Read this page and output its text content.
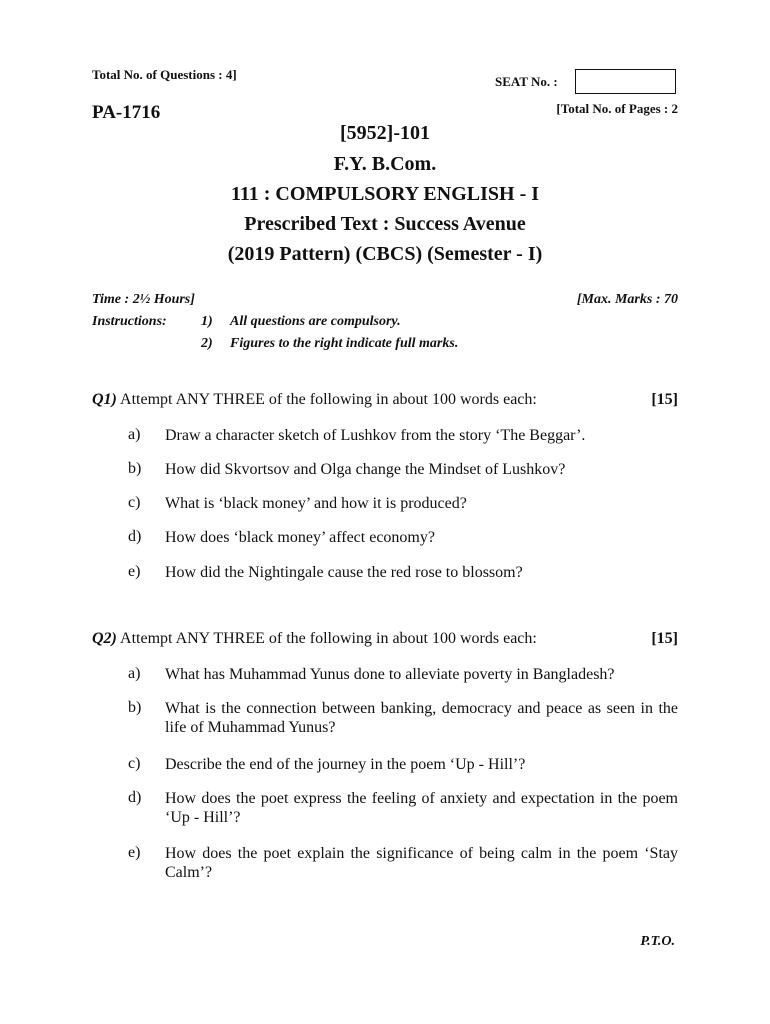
Total No. of Questions : 4]	SEAT No. :
PA-1716	[Total No. of Pages : 2
[5952]-101
F.Y. B.Com.
111 : COMPULSORY ENGLISH - I
Prescribed Text : Success Avenue
(2019 Pattern) (CBCS) (Semester - I)
Time : 2½ Hours]	[Max. Marks : 70
Instructions: 1) All questions are compulsory.
2) Figures to the right indicate full marks.
Q1) Attempt ANY THREE of the following in about 100 words each:	[15]
a)	Draw a character sketch of Lushkov from the story ‘The Beggar’.
b)	How did Skvortsov and Olga change the Mindset of Lushkov?
c)	What is ‘black money’ and how it is produced?
d)	How does ‘black money’ affect economy?
e)	How did the Nightingale cause the red rose to blossom?
Q2) Attempt ANY THREE of the following in about 100 words each:	[15]
a)	What has Muhammad Yunus done to alleviate poverty in Bangladesh?
b)	What is the connection between banking, democracy and peace as seen in the life of Muhammad Yunus?
c)	Describe the end of the journey in the poem ‘Up - Hill’?
d)	How does the poet express the feeling of anxiety and expectation in the poem ‘Up - Hill’?
e)	How does the poet explain the significance of being calm in the poem ‘Stay Calm’?
P.T.O.
